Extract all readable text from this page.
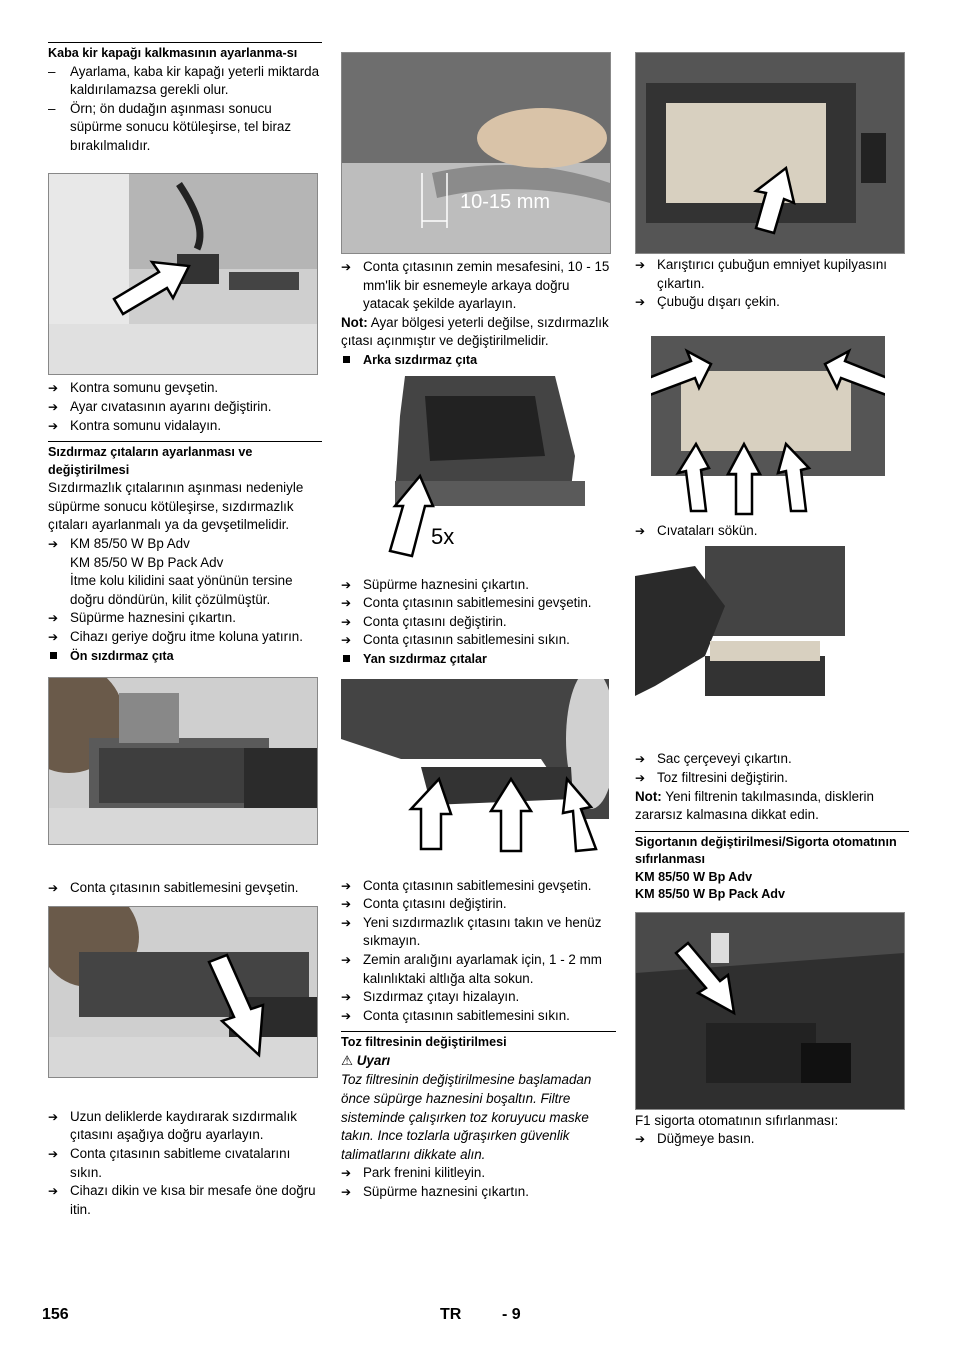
Kaba kir kapağı kalkmasının ayarlanma-sı

– Ayarlama, kaba kir kapağı yeterli miktarda kaldırılamazsa gerekli olur.

– Örn; ön dudağın aşınması sonucu süpürme sonucu kötüleşirse, tel biraz bırakılmalıdır.

➔ Kontra somunu gevşetin.

➔ Ayar cıvatasının ayarını değiştirin.

➔ Kontra somunu vidalayın.

Sızdırmaz çıtaların ayarlanması ve değiştirilmesi

Sızdırmazlık çıtalarının aşınması nedeniyle süpürme sonucu kötüleşirse, sızdırmazlık çıtaları ayarlanmalı ya da gevşetilmelidir.

➔ KM 85/50 W Bp Adv

KM 85/50 W Bp Pack Adv

İtme kolu kilidini saat yönünün tersine doğru döndürün, kilit çözülmüştür.

➔ Süpürme haznesini çıkartın.

➔ Cihazı geriye doğru itme koluna yatırın.

Ön sızdırmaz çıta

➔ Conta çıtasının sabitlemesini gevşetin.

➔ Uzun deliklerde kaydırarak sızdırmalık çıtasını aşağıya doğru ayarlayın.

➔ Conta çıtasının sabitleme cıvatalarını sıkın.

➔ Cihazı dikin ve kısa bir mesafe öne doğru itin.

10-15 mm

➔ Conta çıtasının zemin mesafesini, 10 - 15 mm'lik bir esnemeyle arkaya doğru yatacak şekilde ayarlayın.

Not: Ayar bölgesi yeterli değilse, sızdırmazlık çıtası açınmıştır ve değiştirilmelidir.

Arka sızdırmaz çıta

5x

➔ Süpürme haznesini çıkartın.

➔ Conta çıtasının sabitlemesini gevşetin.

➔ Conta çıtasını değiştirin.

➔ Conta çıtasının sabitlemesini sıkın.

Yan sızdırmaz çıtalar

➔ Conta çıtasının sabitlemesini gevşetin.

➔ Conta çıtasını değiştirin.

➔ Yeni sızdırmazlık çıtasını takın ve henüz sıkmayın.

➔ Zemin aralığını ayarlamak için, 1 - 2 mm kalınlıktaki altlığa alta sokun.

➔ Sızdırmaz çıtayı hizalayın.

➔ Conta çıtasının sabitlemesini sıkın.

Toz filtresinin değiştirilmesi

⚠ Uyarı

Toz filtresinin değiştirilmesine başlamadan önce süpürge haznesini boşaltın. Filtre sisteminde çalışırken toz koruyucu maske takın. Ince tozlarla uğraşırken güvenlik talimatlarını dikkate alın.

➔ Park frenini kilitleyin.

➔ Süpürme haznesini çıkartın.

➔ Karıştırıcı çubuğun emniyet kupilyasını çıkartın.

➔ Çubuğu dışarı çekin.

➔ Cıvataları sökün.

➔ Sac çerçeveyi çıkartın.

➔ Toz filtresini değiştirin.

Not: Yeni filtrenin takılmasında, disklerin zararsız kalmasına dikkat edin.

Sigortanın değiştirilmesi/Sigorta otomatının sıfırlanması
KM 85/50 W Bp Adv
KM 85/50 W Bp Pack Adv

F1 sigorta otomatının sıfırlanması:

➔ Düğmeye basın.

156	TR	- 9
